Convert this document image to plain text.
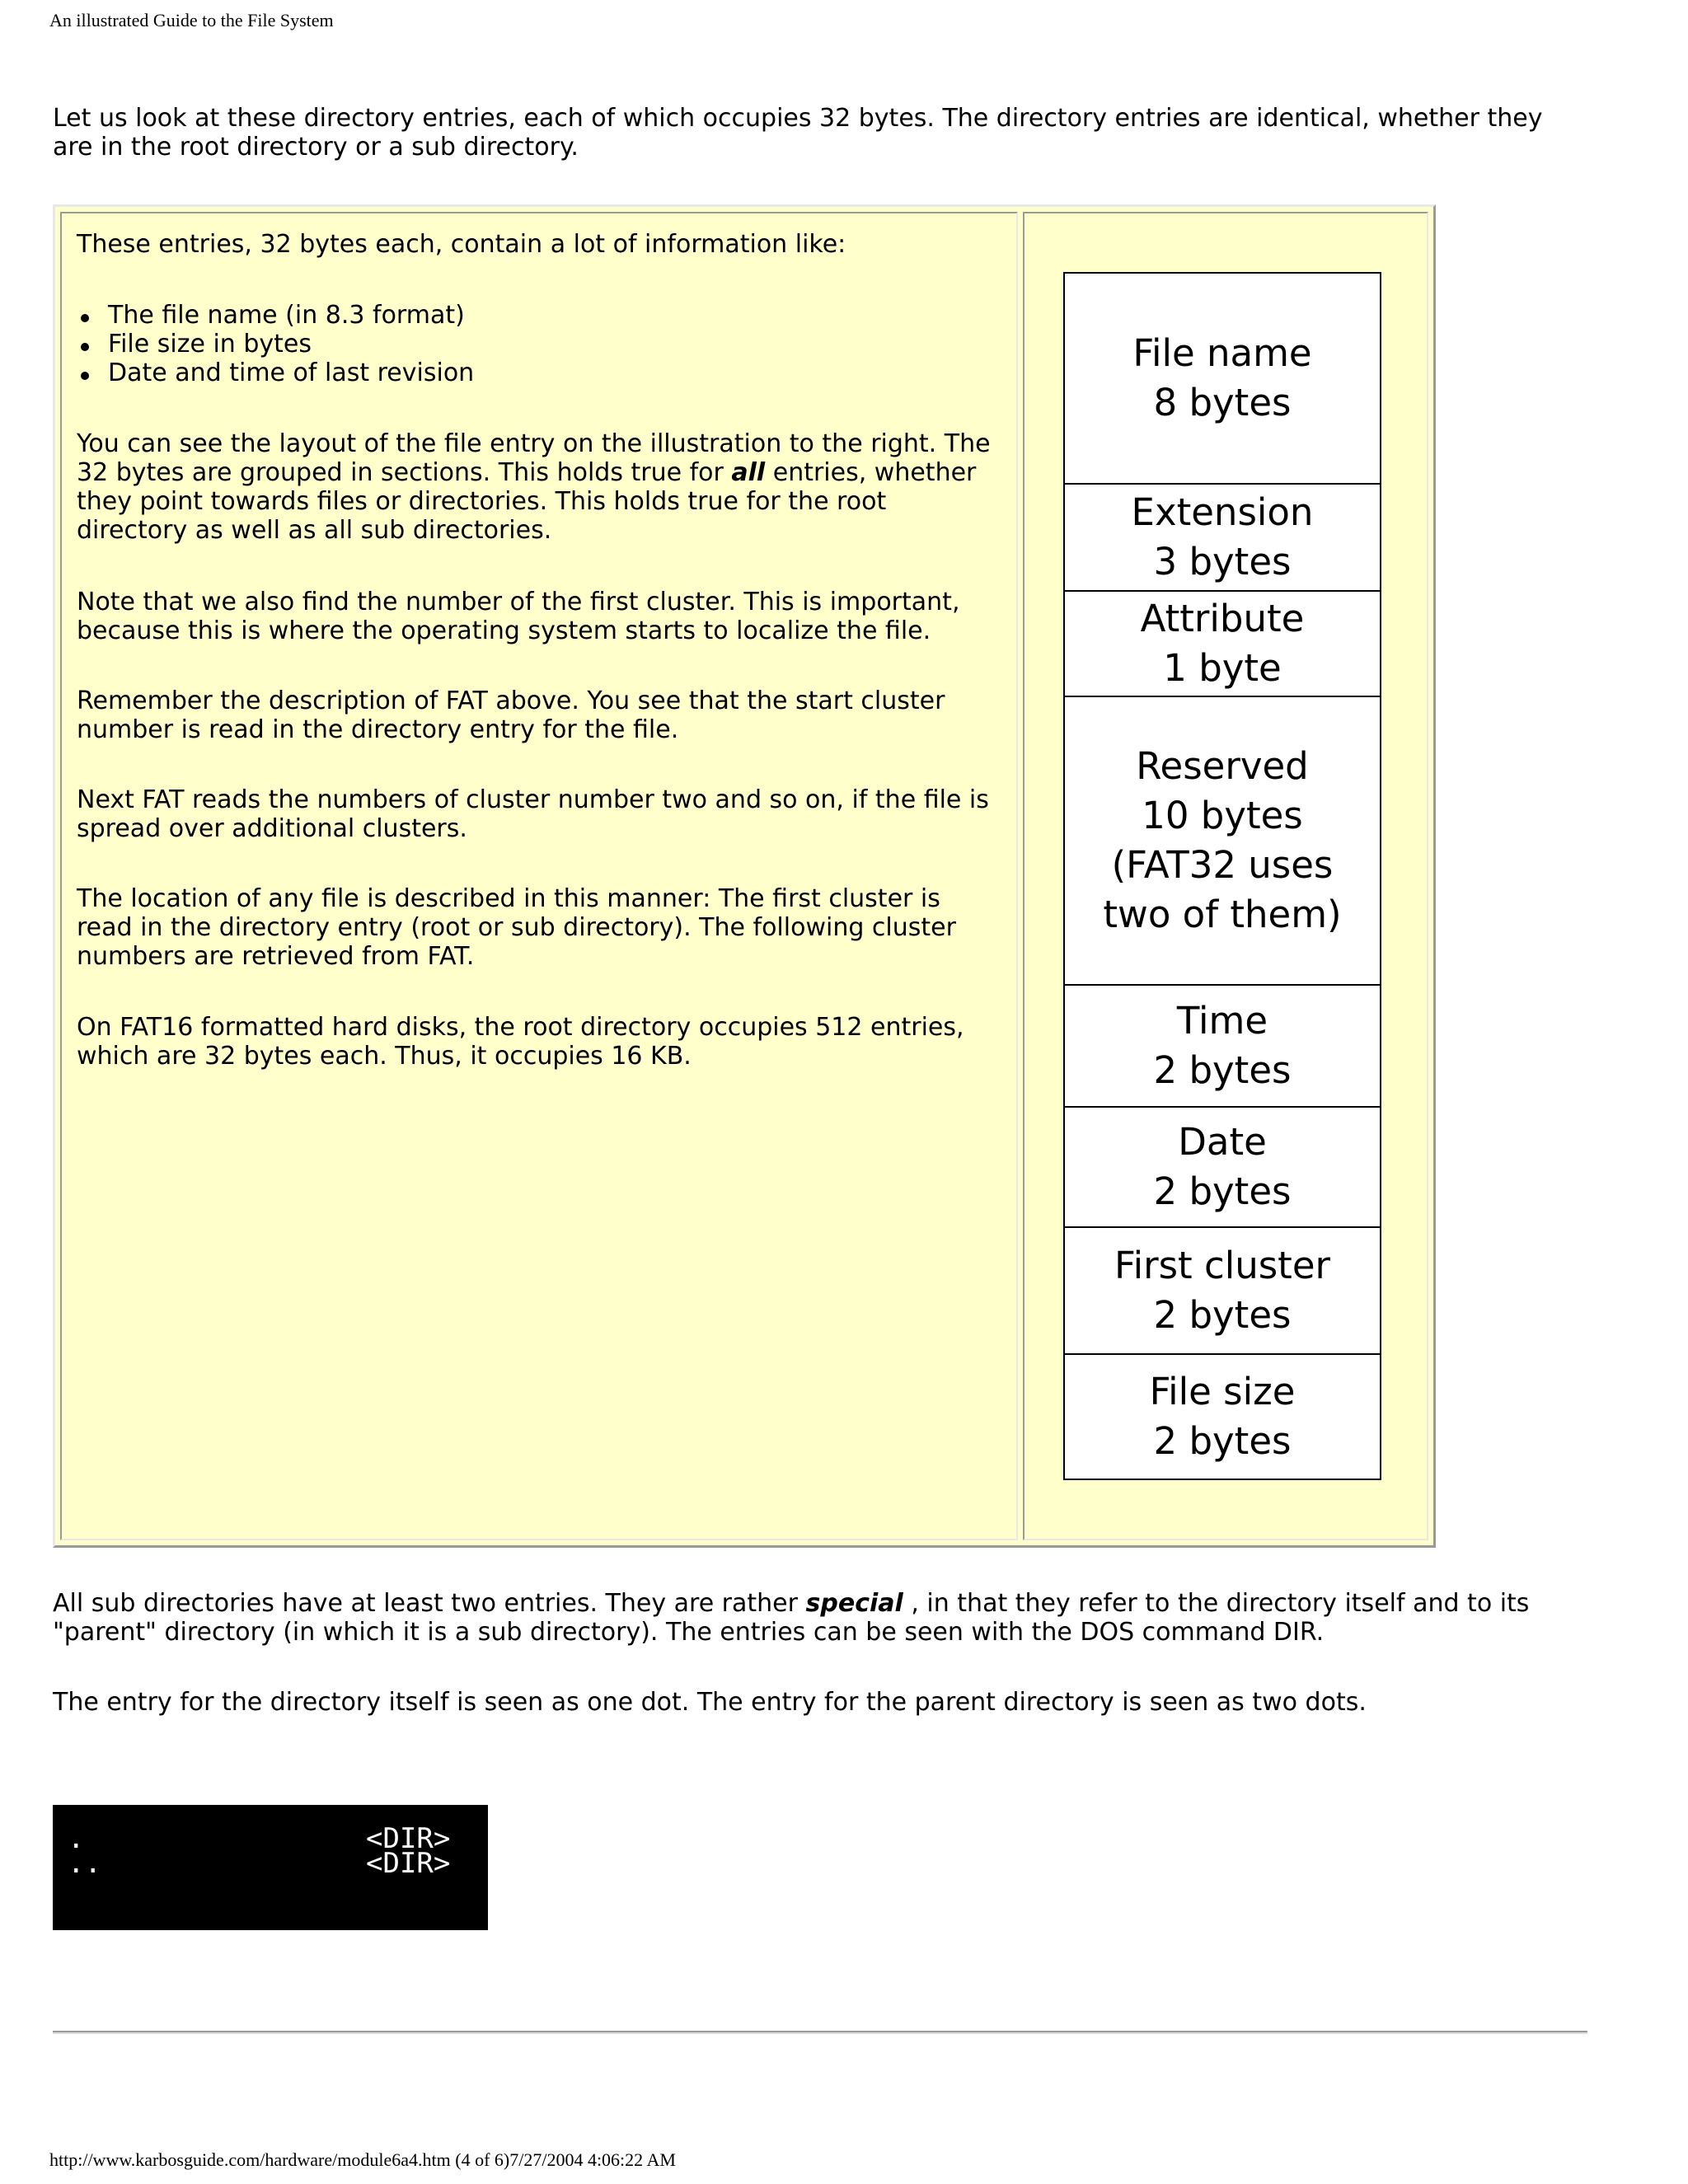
An illustrated Guide to the File System
Let us look at these directory entries, each of which occupies 32 bytes. The directory entries are identical, whether they are in the root directory or a sub directory.
These entries, 32 bytes each, contain a lot of information like:
The file name (in 8.3 format)
File size in bytes
Date and time of last revision
You can see the layout of the file entry on the illustration to the right. The 32 bytes are grouped in sections. This holds true for all entries, whether they point towards files or directories. This holds true for the root directory as well as all sub directories.
Note that we also find the number of the first cluster. This is important, because this is where the operating system starts to localize the file.
Remember the description of FAT above. You see that the start cluster number is read in the directory entry for the file.
Next FAT reads the numbers of cluster number two and so on, if the file is spread over additional clusters.
The location of any file is described in this manner: The first cluster is read in the directory entry (root or sub directory). The following cluster numbers are retrieved from FAT.
On FAT16 formatted hard disks, the root directory occupies 512 entries, which are 32 bytes each. Thus, it occupies 16 KB.
File name
8 bytes
Extension
3 bytes
Attribute
1 byte
Reserved
10 bytes
(FAT32 uses
two of them)
Time
2 bytes
Date
2 bytes
First cluster
2 bytes
File size
2 bytes
All sub directories have at least two entries. They are rather special , in that they refer to the directory itself and to its "parent" directory (in which it is a sub directory). The entries can be seen with the DOS command DIR.
The entry for the directory itself is seen as one dot. The entry for the parent directory is seen as two dots.
.	<DIR>
..	<DIR>
http://www.karbosguide.com/hardware/module6a4.htm (4 of 6)7/27/2004 4:06:22 AM
